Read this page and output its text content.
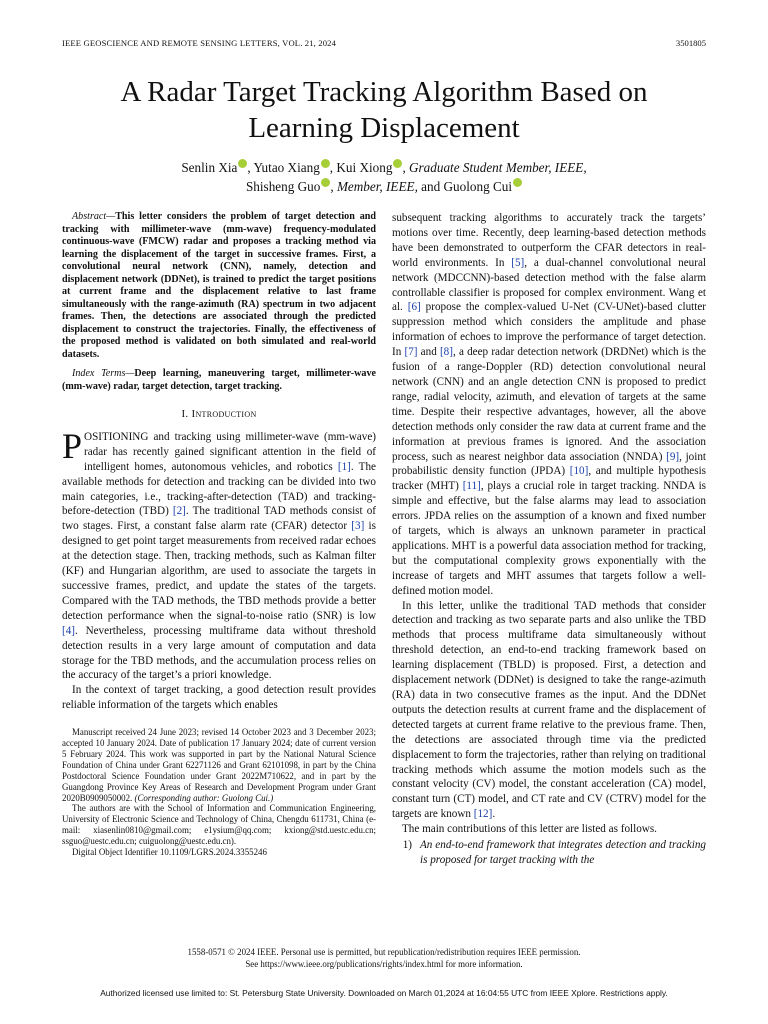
IEEE GEOSCIENCE AND REMOTE SENSING LETTERS, VOL. 21, 2024	3501805
A Radar Target Tracking Algorithm Based on
Learning Displacement
Senlin Xia , Yutao Xiang , Kui Xiong , Graduate Student Member, IEEE,
Shisheng Guo , Member, IEEE, and Guolong Cui

Abstract—This letter considers the problem of target detection and tracking with millimeter-wave (mm-wave) frequency-modulated continuous-wave (FMCW) radar and proposes a tracking method via learning the displacement of the target in successive frames. First, a convolutional neural network (CNN), namely, detection and displacement network (DDNet), is trained to predict the target positions at current frame and the displacement relative to last frame simultaneously with the range-azimuth (RA) spectrum in two adjacent frames. Then, the detections are associated through the predicted displacement to construct the trajectories. Finally, the effectiveness of the proposed method is validated on both simulated and real-world datasets.

Index Terms—Deep learning, maneuvering target, millimeter-wave (mm-wave) radar, target detection, target tracking.

I. Introduction

POSITIONING and tracking using millimeter-wave (mm-wave) radar has recently gained significant attention in the field of intelligent homes, autonomous vehicles, and robotics [1]. The available methods for detection and tracking can be divided into two main categories, i.e., tracking-after-detection (TAD) and tracking-before-detection (TBD) [2]. The traditional TAD methods consist of two stages. First, a constant false alarm rate (CFAR) detector [3] is designed to get point target measurements from received radar echoes at the detection stage. Then, tracking methods, such as Kalman filter (KF) and Hungarian algorithm, are used to associate the targets in successive frames, predict, and update the states of the targets. Compared with the TAD methods, the TBD methods provide a better detection performance when the signal-to-noise ratio (SNR) is low [4]. Nevertheless, processing multiframe data without threshold detection results in a very large amount of computation and data storage for the TBD methods, and the accumulation process relies on the accuracy of the target’s a priori knowledge.

In the context of target tracking, a good detection result provides reliable information of the targets which enables

Manuscript received 24 June 2023; revised 14 October 2023 and 3 December 2023; accepted 10 January 2024. Date of publication 17 January 2024; date of current version 5 February 2024. This work was supported in part by the National Natural Science Foundation of China under Grant 62271126 and Grant 62101098, in part by the China Postdoctoral Science Foundation under Grant 2022M710622, and in part by the Guangdong Province Key Areas of Research and Development Program under Grant 2020B0909050002. (Corresponding author: Guolong Cui.)

The authors are with the School of Information and Communication Engineering, University of Electronic Science and Technology of China, Chengdu 611731, China (e-mail: xiasenlin0810@gmail.com; e1ysium@qq.com; kxiong@std.uestc.edu.cn; ssguo@uestc.edu.cn; cuiguolong@uestc.edu.cn).

Digital Object Identifier 10.1109/LGRS.2024.3355246

subsequent tracking algorithms to accurately track the targets’ motions over time. Recently, deep learning-based detection methods have been demonstrated to outperform the CFAR detectors in real-world environments. In [5], a dual-channel convolutional neural network (MDCCNN)-based detection method with the false alarm controllable classifier is proposed for complex environment. Wang et al. [6] propose the complex-valued U-Net (CV-UNet)-based clutter suppression method which considers the amplitude and phase information of echoes to improve the performance of target detection. In [7] and [8], a deep radar detection network (DRDNet) which is the fusion of a range-Doppler (RD) detection convolutional neural network (CNN) and an angle detection CNN is proposed to predict range, radial velocity, azimuth, and elevation of targets at the same time. Despite their respective advantages, however, all the above detection methods only consider the raw data at current frame and the information at previous frames is ignored. And the association process, such as nearest neighbor data association (NNDA) [9], joint probabilistic density function (JPDA) [10], and multiple hypothesis tracker (MHT) [11], plays a crucial role in target tracking. NNDA is simple and effective, but the false alarms may lead to association errors. JPDA relies on the assumption of a known and fixed number of targets, which is always an unknown parameter in practical applications. MHT is a powerful data association method for tracking, but the computational complexity grows exponentially with the increase of targets and MHT assumes that targets follow a well-defined motion model.

In this letter, unlike the traditional TAD methods that consider detection and tracking as two separate parts and also unlike the TBD methods that process multiframe data simultaneously without threshold detection, an end-to-end tracking framework based on learning displacement (TBLD) is proposed. First, a detection and displacement network (DDNet) is designed to take the range-azimuth (RA) data in two consecutive frames as the input. And the DDNet outputs the detection results at current frame and the displacement of detected targets at current frame relative to the previous frame. Then, the detections are associated through time via the predicted displacement to form the trajectories, rather than relying on traditional tracking methods which assume the motion models such as the constant velocity (CV) model, the constant acceleration (CA) model, constant turn (CT) model, and CT rate and CV (CTRV) model for the targets are known [12].

The main contributions of this letter are listed as follows.

1) An end-to-end framework that integrates detection and tracking is proposed for target tracking with the
1558-0571 © 2024 IEEE. Personal use is permitted, but republication/redistribution requires IEEE permission.
See https://www.ieee.org/publications/rights/index.html for more information.
Authorized licensed use limited to: St. Petersburg State University. Downloaded on March 01,2024 at 16:04:55 UTC from IEEE Xplore. Restrictions apply.
